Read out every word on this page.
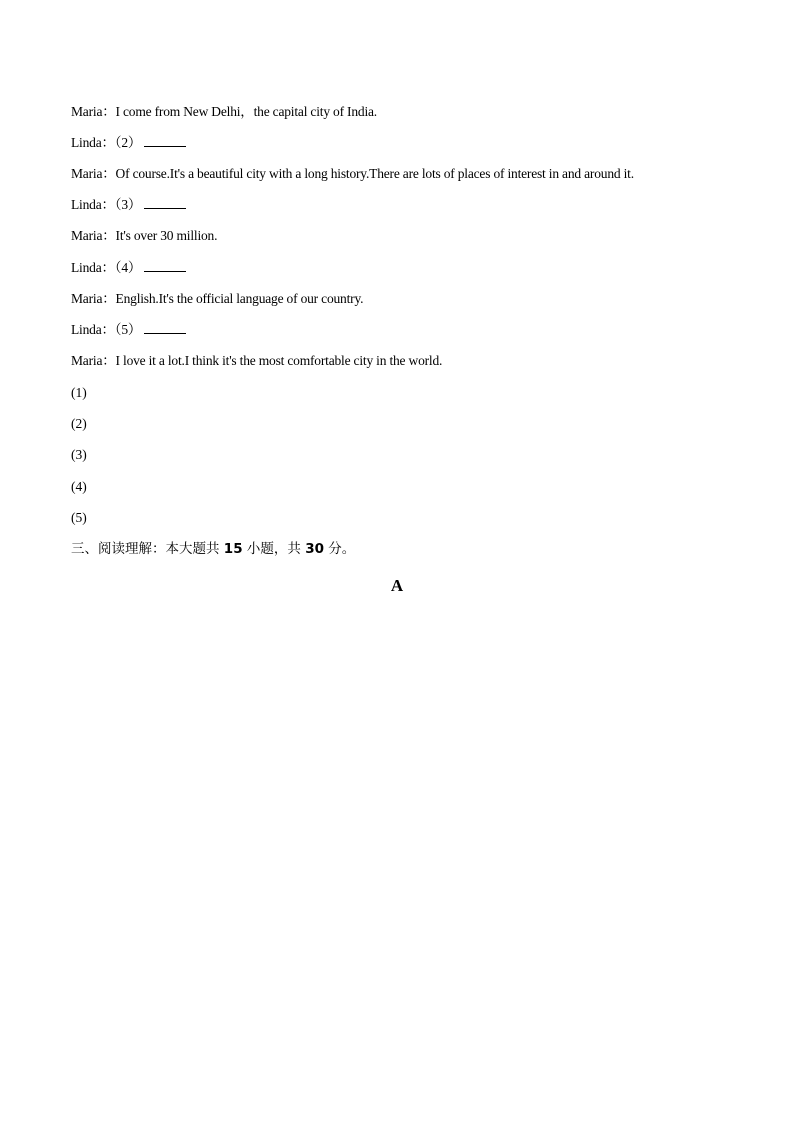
Maria：I come from New Delhi，the capital city of India.
Linda：（2）
Maria：Of course.It's a beautiful city with a long history.There are lots of places of interest in and around it.
Linda：（3）
Maria：It's over 30 million.
Linda：（4）
Maria：English.It's the official language of our country.
Linda：（5）
Maria：I love it a lot.I think it's the most comfortable city in the world.
(1)
(2)
(3)
(4)
(5)
三、阅读理解：本大题共 15 小题，共 30 分。
A
